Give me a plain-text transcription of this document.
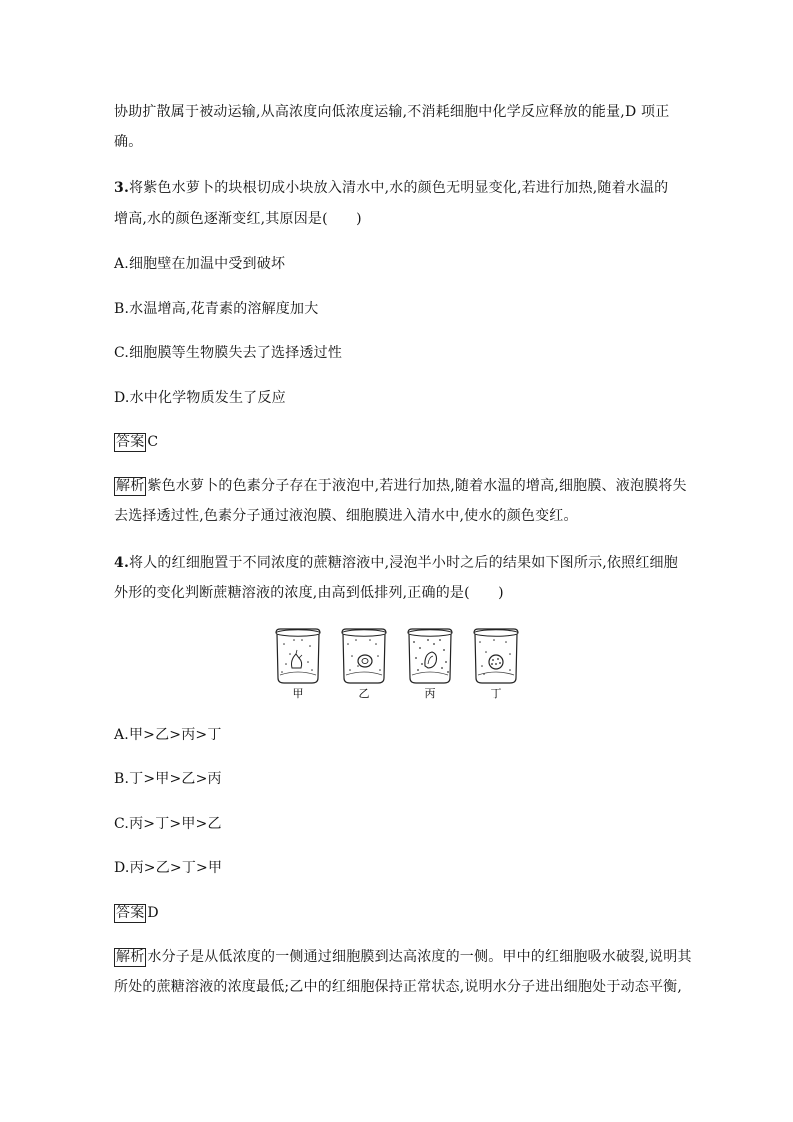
协助扩散属于被动运输,从高浓度向低浓度运输,不消耗细胞中化学反应释放的能量,D 项正
确。
3.将紫色水萝卜的块根切成小块放入清水中,水的颜色无明显变化,若进行加热,随着水温的
增高,水的颜色逐渐变红,其原因是(　　)
A.细胞壁在加温中受到破坏
B.水温增高,花青素的溶解度加大
C.细胞膜等生物膜失去了选择透过性
D.水中化学物质发生了反应
答案 C
解析 紫色水萝卜的色素分子存在于液泡中,若进行加热,随着水温的增高,细胞膜、液泡膜将失
去选择透过性,色素分子通过液泡膜、细胞膜进入清水中,使水的颜色变红。
4.将人的红细胞置于不同浓度的蔗糖溶液中,浸泡半小时之后的结果如下图所示,依照红细胞
外形的变化判断蔗糖溶液的浓度,由高到低排列,正确的是(　　)
甲	乙	丙	丁
A.甲>乙>丙>丁
B.丁>甲>乙>丙
C.丙>丁>甲>乙
D.丙>乙>丁>甲
答案 D
解析 水分子是从低浓度的一侧通过细胞膜到达高浓度的一侧。甲中的红细胞吸水破裂,说明其
所处的蔗糖溶液的浓度最低;乙中的红细胞保持正常状态,说明水分子进出细胞处于动态平衡,
